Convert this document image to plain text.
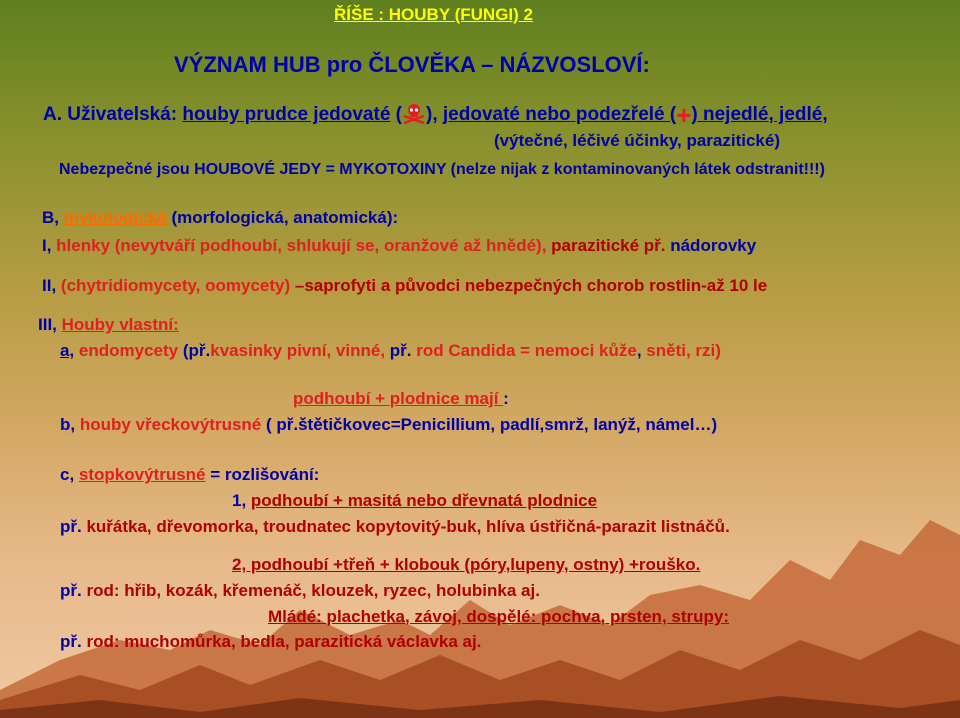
ŘÍŠE : HOUBY (FUNGI) 2
VÝZNAM HUB pro ČLOVĚKA – NÁZVOSLOVÍ:
A. Uživatelská: houby prudce jedovaté ( ), jedovaté nebo podezřelé (+) nejedlé, jedlé,
(výtečné, léčivé účinky, parazitické)
Nebezpečné jsou HOUBOVÉ JEDY = MYKOTOXINY (nelze nijak z kontaminovaných látek odstranit!!!)
B, mykologická (morfologická, anatomická):
I, hlenky (nevytváří podhoubí, shlukují se, oranžové až hnědé), parazitické př. nádorovky
II, (chytridiomycety, oomycety) –saprofyti a původci nebezpečných chorob rostlin-až 10 le
III, Houby vlastní:
a, endomycety (př.kvasinky pivní, vinné, př. rod Candida = nemoci kůže, sněti, rzi)
podhoubí + plodnice mají :
b, houby vřeckovýtrusné ( př.štětičkovec=Penicillium, padlí,smrž, lanýž, námel…)
c, stopkovýtrusné = rozlišování:
1, podhoubí + masitá nebo dřevnatá plodnice
př. kuřátka, dřevomorka, troudnatec kopytovitý-buk, hlíva ústřičná-parazit listnáčů.
2, podhoubí +třeň + klobouk (póry,lupeny, ostny) +rouško.
př. rod: hřib, kozák, křemenáč, klouzek, ryzec, holubinka aj.
Mládé: plachetka, závoj, dospělé: pochva, prsten, strupy:
př. rod: muchomůrka, bedla, parazitická václavka aj.
